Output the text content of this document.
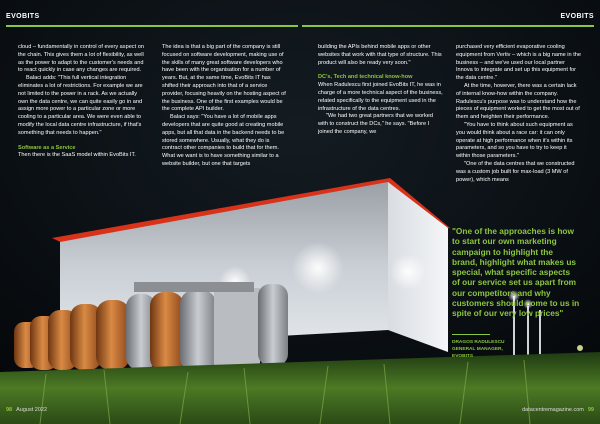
EVOBITS	EVOBITS

cloud – fundamentally in control of every aspect on the chain. This gives them a lot of flexibility, as well as the power to adapt to the customer's needs and to react quickly in case any changes are required.

Balaci adds: "This full vertical integration eliminates a lot of restrictions. For example we are not limited to the power in a rack. As we actually own the data centre, we can quite easily go in and assign more power to a particular zone or more cooling to a particular area. We were even able to modify the local data centre infrastructure, if that's something that needs to happen."

Software as a Service

Then there is the SaaS model within EvoBits IT.

The idea is that a big part of the company is still focused on software development, making use of the skills of many great software developers who have been with the organisation for a number of years. But, at the same time, EvoBits IT has shifted their approach into that of a service provider, focusing heavily on the hosting aspect of the business. One of the first examples would be the complete API builder.

Balaci says: "You have a lot of mobile apps developers that are quite good at creating mobile apps, but all that data in the backend needs to be stored somewhere. Usually, what they do is contract other companies to build that for them. What we want is to have something similar to a website builder, but one that targets

building the APIs behind mobile apps or other websites that work with that type of structure. This product will also be ready very soon."

DC's, Tech and technical know-how

When Radulescu first joined EvoBits IT, he was in charge of a more technical aspect of the business, related specifically to the equipment used in the infrastructure of the data centres.

"We had two great partners that we worked with to construct the DCs," he says. "Before I joined the company, we

purchased very efficient evaporative cooling equipment from Vertiv – which is a big name in the business – and we've used our local partner Innova to integrate and set up this equipment for the data centre."

At the time, however, there was a certain lack of internal know-how within the company. Radulescu's purpose was to understand how the pieces of equipment worked to get the most out of them and heighten their performance.

"You have to think about such equipment as you would think about a race car: it can only operate at high performance when it's within its parameters, and so you have to try to keep it within those parameters."

"One of the data centres that we constructed was a custom job built for max-load (3 MW of power), which means

"One of the approaches is how to start our own marketing campaign to highlight the brand, highlight what makes us special, what specific aspects of our service set us apart from our competitors and why customers should come to us in spite of our very low prices"
DRAGOS RADULESCU
GENERAL MANAGER,
EVOBITS
98 August 2022	datacentremagazine.com 99
